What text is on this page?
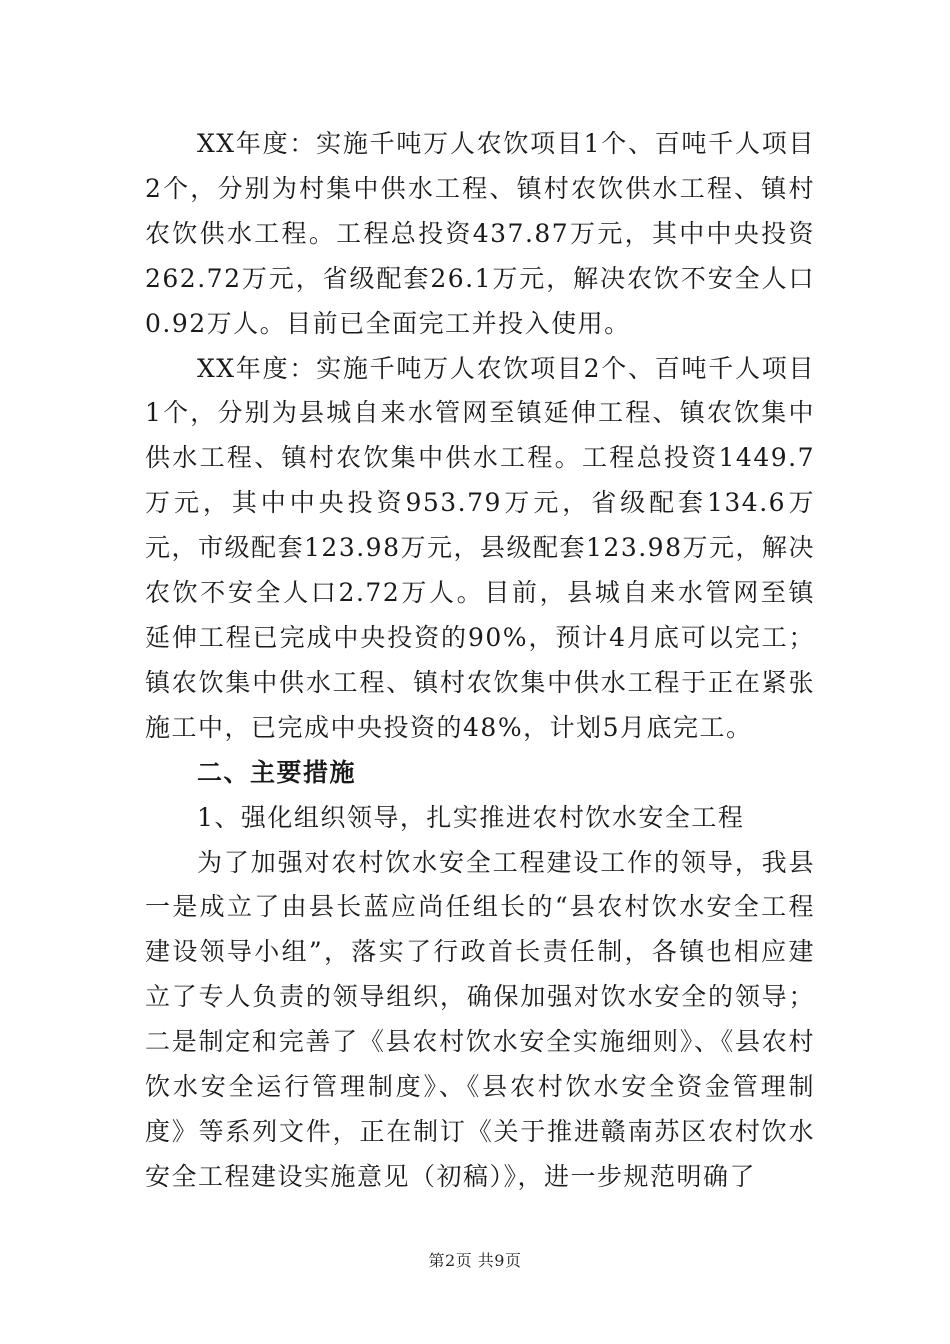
XX年度：实施千吨万人农饮项目1个、百吨千人项目2个，分别为村集中供水工程、镇村农饮供水工程、镇村农饮供水工程。工程总投资437.87万元，其中中央投资262.72万元，省级配套26.1万元，解决农饮不安全人口0.92万人。目前已全面完工并投入使用。

XX年度：实施千吨万人农饮项目2个、百吨千人项目1个，分别为县城自来水管网至镇延伸工程、镇农饮集中供水工程、镇村农饮集中供水工程。工程总投资1449.7万元，其中中央投资953.79万元，省级配套134.6万元，市级配套123.98万元，县级配套123.98万元，解决农饮不安全人口2.72万人。目前，县城自来水管网至镇延伸工程已完成中央投资的90%，预计4月底可以完工；镇农饮集中供水工程、镇村农饮集中供水工程于正在紧张施工中，已完成中央投资的48%，计划5月底完工。

二、主要措施

1、强化组织领导，扎实推进农村饮水安全工程

为了加强对农村饮水安全工程建设工作的领导，我县一是成立了由县长蓝应尚任组长的“县农村饮水安全工程建设领导小组”，落实了行政首长责任制，各镇也相应建立了专人负责的领导组织，确保加强对饮水安全的领导；二是制定和完善了《县农村饮水安全实施细则》、《县农村饮水安全运行管理制度》、《县农村饮水安全资金管理制度》等系列文件，正在制订《关于推进赣南苏区农村饮水安全工程建设实施意见（初稿）》，进一步规范明确了

第2页 共9页
